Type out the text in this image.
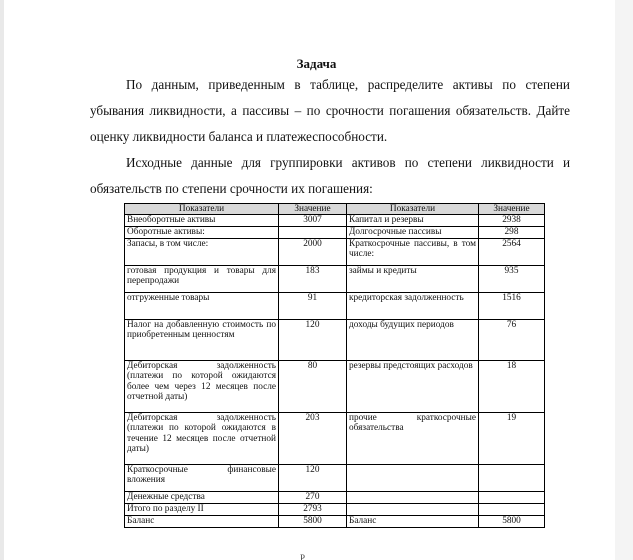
Задача

По данным, приведенным в таблице, распределите активы по степени убывания ликвидности, а пассивы – по срочности погашения обязательств. Дайте оценку ликвидности баланса и платежеспособности.

Исходные данные для группировки активов по степени ликвидности и обязательств по степени срочности их погашения:

Показатели	Значение	Показатели	Значение
Внеоборотные активы	3007	Капитал и резервы	2938
Оборотные активы:		Долгосрочные пассивы	298
Запасы, в том числе:	2000	Краткосрочные пассивы, в том числе:	2564
готовая продукция и товары для перепродажи	183	займы и кредиты	935
отгруженные товары	91	кредиторская задолженность	1516
Налог на добавленную стоимость по приобретенным ценностям	120	доходы будущих периодов	76
Дебиторская задолженность (платежи по которой ожидаются более чем через 12 месяцев после отчетной даты)	80	резервы предстоящих расходов	18
Дебиторская задолженность (платежи по которой ожидаются в течение 12 месяцев после отчетной даты)	203	прочие краткосрочные обязательства	19
Краткосрочные финансовые вложения	120		
Денежные средства	270		
Итого по разделу II	2793		
Баланс	5800	Баланс	5800
Р
